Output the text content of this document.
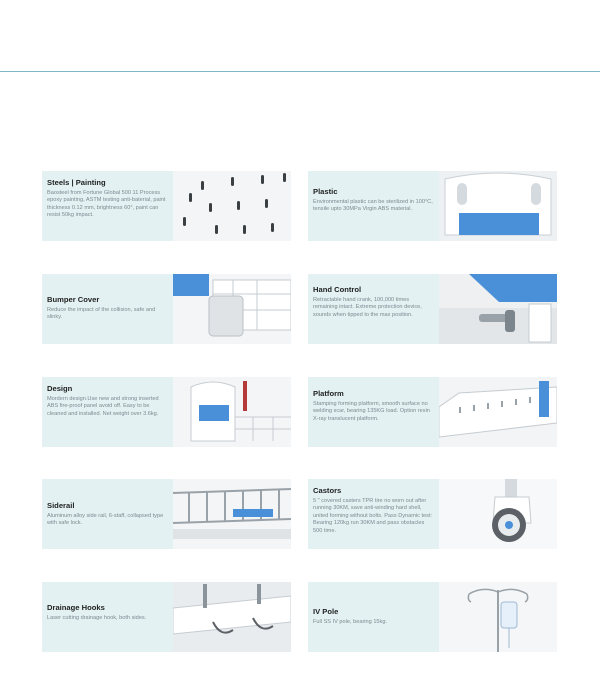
Steels | Painting
Baosteel from Fortune Global 500 11 Process epoxy painting, ASTM testing anti-baterial, paint thickness 0.12 mm, brightness 60°, paint can resist 50kg impact.
Plastic
Environmental plastic can be sterilized in 100°C, tensile upto 30MPa Virgin ABS material.
Bumper Cover
Reduce the impact of the collision, safe and slinky.
Hand Control
Retractable hand crank, 100,000 times remaining intact. Extreme protection device, sounds when tipped to the max position.
Design
Mordern design.Use new and strong inserted ABS fire-proof panel avoid off. Easy to be cleaned and installed. Net weight over 3.6kg.
Platform
Stamping forming platform, smooth surface no welding scar, bearing 135KG load. Option resin X-ray translucent platform.
Siderail
Aluminum alloy side rail, 6-staff, collapsed type with safe lock.
Castors
5 " covered casters TPR tire no worn out after running 30KM, save anti-winding hard shell, united forming without bolts. Pass Dynamic test: Bearing 120kg run 30KM and pass obstacles 500 time.
Drainage Hooks
Laser cutting drainage hook, both sides.
IV Pole
Full SS IV pole, bearing 15kg.
